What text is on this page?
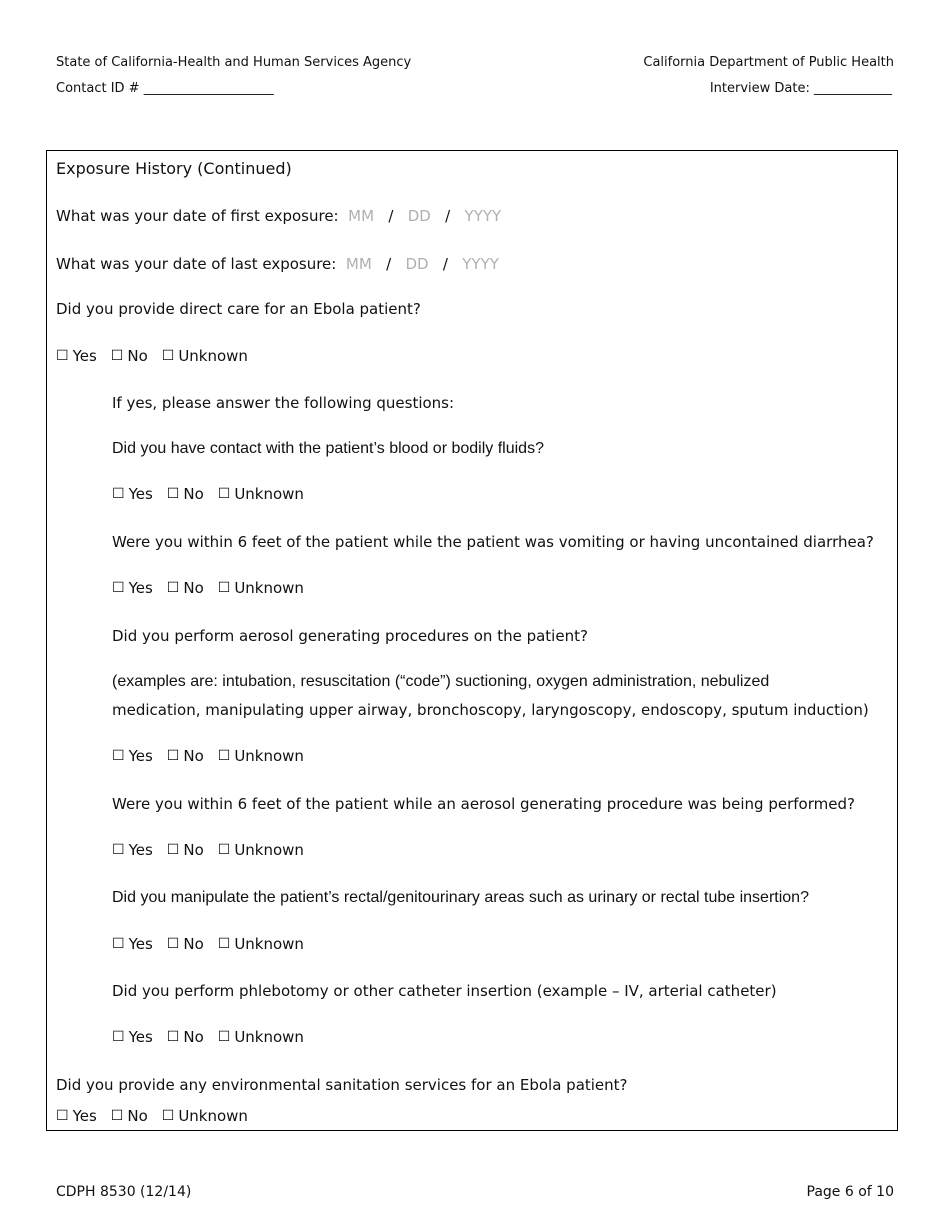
State of California-Health and Human Services Agency
Contact ID # ____________________
California Department of Public Health
Interview Date: ____________
Exposure History (Continued)
What was your date of first exposure: MM / DD / YYYY
What was your date of last exposure: MM / DD / YYYY
Did you provide direct care for an Ebola patient?
☐ Yes ☐ No ☐ Unknown
If yes, please answer the following questions:
Did you have contact with the patient’s blood or bodily fluids?
☐ Yes ☐ No ☐ Unknown
Were you within 6 feet of the patient while the patient was vomiting or having uncontained diarrhea?
☐ Yes ☐ No ☐ Unknown
Did you perform aerosol generating procedures on the patient?
(examples are: intubation, resuscitation (“code”) suctioning, oxygen administration, nebulized
medication, manipulating upper airway, bronchoscopy, laryngoscopy, endoscopy, sputum induction)
☐ Yes ☐ No ☐ Unknown
Were you within 6 feet of the patient while an aerosol generating procedure was being performed?
☐ Yes ☐ No ☐ Unknown
Did you manipulate the patient’s rectal/genitourinary areas such as urinary or rectal tube insertion?
☐ Yes ☐ No ☐ Unknown
Did you perform phlebotomy or other catheter insertion (example – IV, arterial catheter)
☐ Yes ☐ No ☐ Unknown
Did you provide any environmental sanitation services for an Ebola patient?
☐ Yes ☐ No ☐ Unknown
CDPH 8530 (12/14)	Page 6 of 10
